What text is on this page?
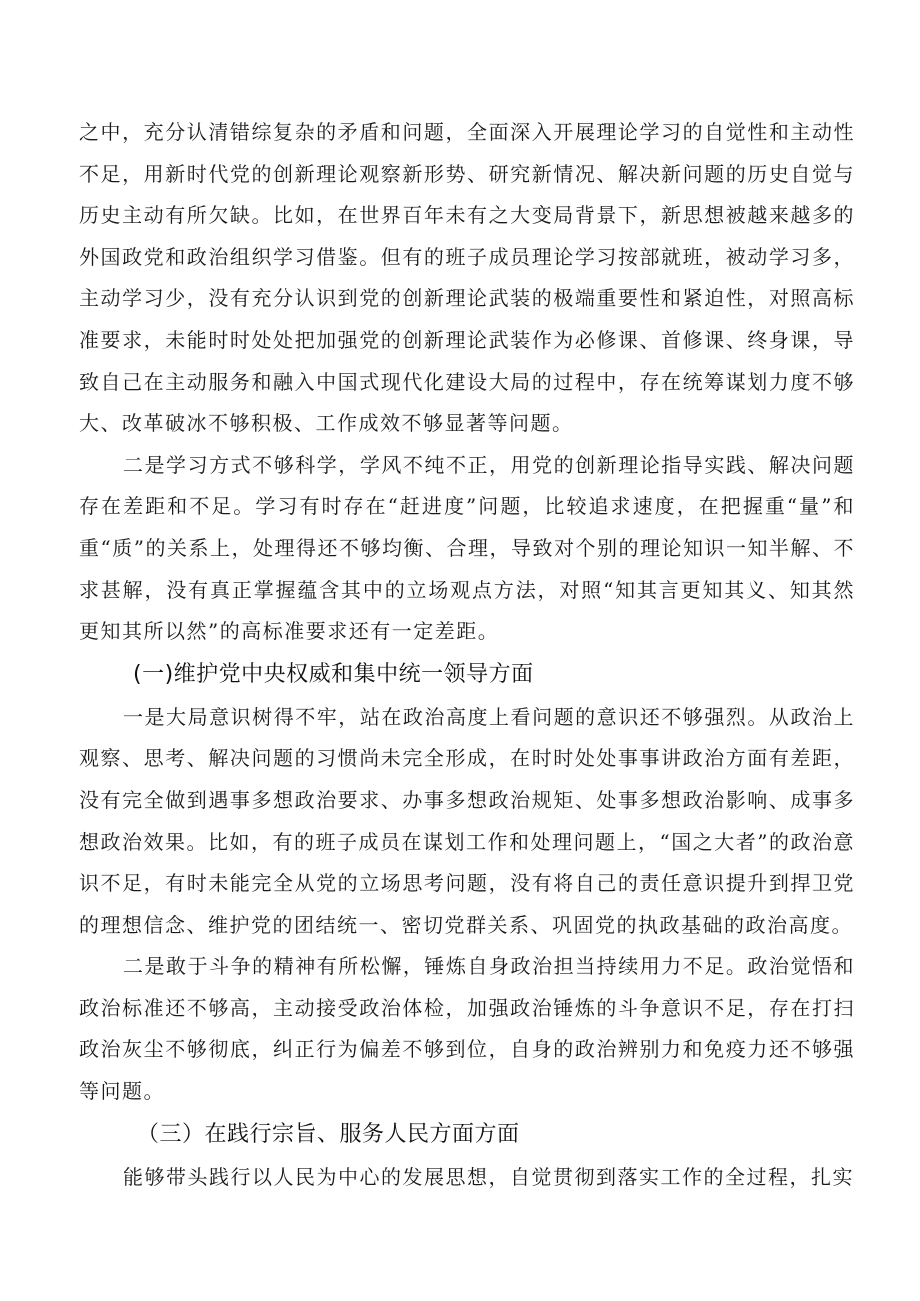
之中，充分认清错综复杂的矛盾和问题，全面深入开展理论学习的自觉性和主动性不足，用新时代党的创新理论观察新形势、研究新情况、解决新问题的历史自觉与历史主动有所欠缺。比如，在世界百年未有之大变局背景下，新思想被越来越多的外国政党和政治组织学习借鉴。但有的班子成员理论学习按部就班，被动学习多，主动学习少，没有充分认识到党的创新理论武装的极端重要性和紧迫性，对照高标准要求，未能时时处处把加强党的创新理论武装作为必修课、首修课、终身课，导致自己在主动服务和融入中国式现代化建设大局的过程中，存在统筹谋划力度不够大、改革破冰不够积极、工作成效不够显著等问题。

二是学习方式不够科学，学风不纯不正，用党的创新理论指导实践、解决问题存在差距和不足。学习有时存在“赶进度”问题，比较追求速度，在把握重“量”和重“质”的关系上，处理得还不够均衡、合理，导致对个别的理论知识一知半解、不求甚解，没有真正掌握蕴含其中的立场观点方法，对照“知其言更知其义、知其然更知其所以然”的高标准要求还有一定差距。

(一)维护党中央权威和集中统一领导方面

一是大局意识树得不牢，站在政治高度上看问题的意识还不够强烈。从政治上观察、思考、解决问题的习惯尚未完全形成，在时时处处事事讲政治方面有差距，没有完全做到遇事多想政治要求、办事多想政治规矩、处事多想政治影响、成事多想政治效果。比如，有的班子成员在谋划工作和处理问题上，“国之大者”的政治意识不足，有时未能完全从党的立场思考问题，没有将自己的责任意识提升到捍卫党的理想信念、维护党的团结统一、密切党群关系、巩固党的执政基础的政治高度。

二是敢于斗争的精神有所松懈，锤炼自身政治担当持续用力不足。政治觉悟和政治标准还不够高，主动接受政治体检，加强政治锤炼的斗争意识不足，存在打扫政治灰尘不够彻底，纠正行为偏差不够到位，自身的政治辨别力和免疫力还不够强等问题。

（三）在践行宗旨、服务人民方面方面

能够带头践行以人民为中心的发展思想，自觉贯彻到落实工作的全过程，扎实
